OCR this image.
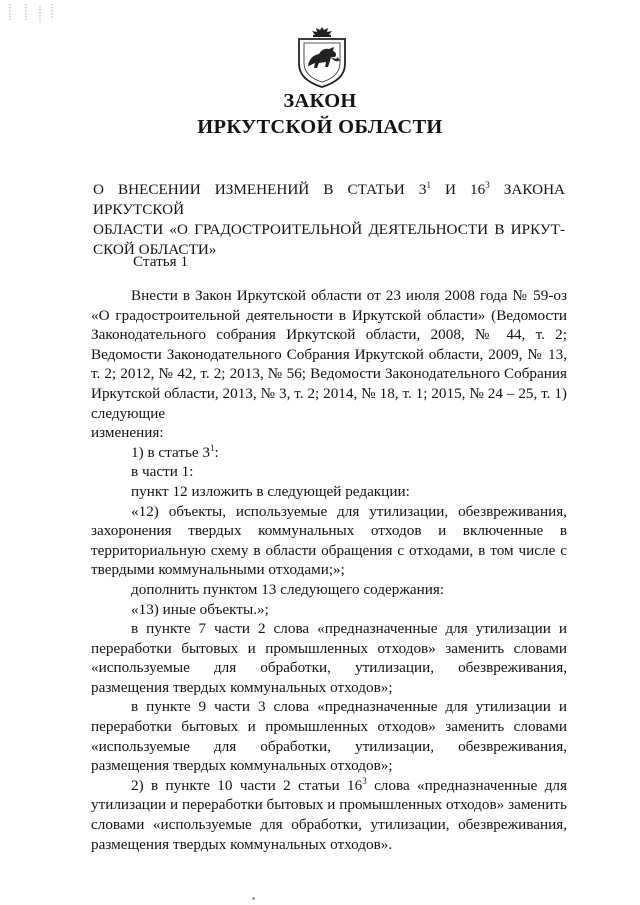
ЗАКОН
ИРКУТСКОЙ ОБЛАСТИ
О ВНЕСЕНИИ ИЗМЕНЕНИЙ В СТАТЬИ $3^1$ И $16^3$ ЗАКОНА ИРКУТСКОЙ
ОБЛАСТИ «О ГРАДОСТРОИТЕЛЬНОЙ ДЕЯТЕЛЬНОСТИ В ИРКУТ-
СКОЙ ОБЛАСТИ»
Статья 1

Внести в Закон Иркутской области от 23 июля 2008 года № 59-оз «О градостроительной деятельности в Иркутской области» (Ведомости Законодательного собрания Иркутской области, 2008, № 44, т. 2; Ведомости Законодательного Собрания Иркутской области, 2009, № 13, т. 2; 2012, № 42, т. 2; 2013, № 56; Ведомости Законодательного Собрания Иркутской области, 2013, № 3, т. 2; 2014, № 18, т. 1; 2015, № 24 – 25, т. 1) следующие

изменения:

1) в статье $3^1$:

в части 1:

пункт 12 изложить в следующей редакции:

«12) объекты, используемые для утилизации, обезвреживания, захоронения твердых коммунальных отходов и включенные в территориальную схему в области обращения с отходами, в том числе с твердыми коммунальными отходами;»;

дополнить пунктом 13 следующего содержания:

«13) иные объекты.»;

в пункте 7 части 2 слова «предназначенные для утилизации и переработки бытовых и промышленных отходов» заменить словами «используемые для обработки, утилизации, обезвреживания, размещения твердых коммунальных отходов»;

в пункте 9 части 3 слова «предназначенные для утилизации и переработки бытовых и промышленных отходов» заменить словами «используемые для обработки, утилизации, обезвреживания, размещения твердых коммунальных отходов»;

2) в пункте 10 части 2 статьи $16^3$ слова «предназначенные для утилизации и переработки бытовых и промышленных отходов» заменить словами «используемые для обработки, утилизации, обезвреживания, размещения твердых коммунальных отходов».
